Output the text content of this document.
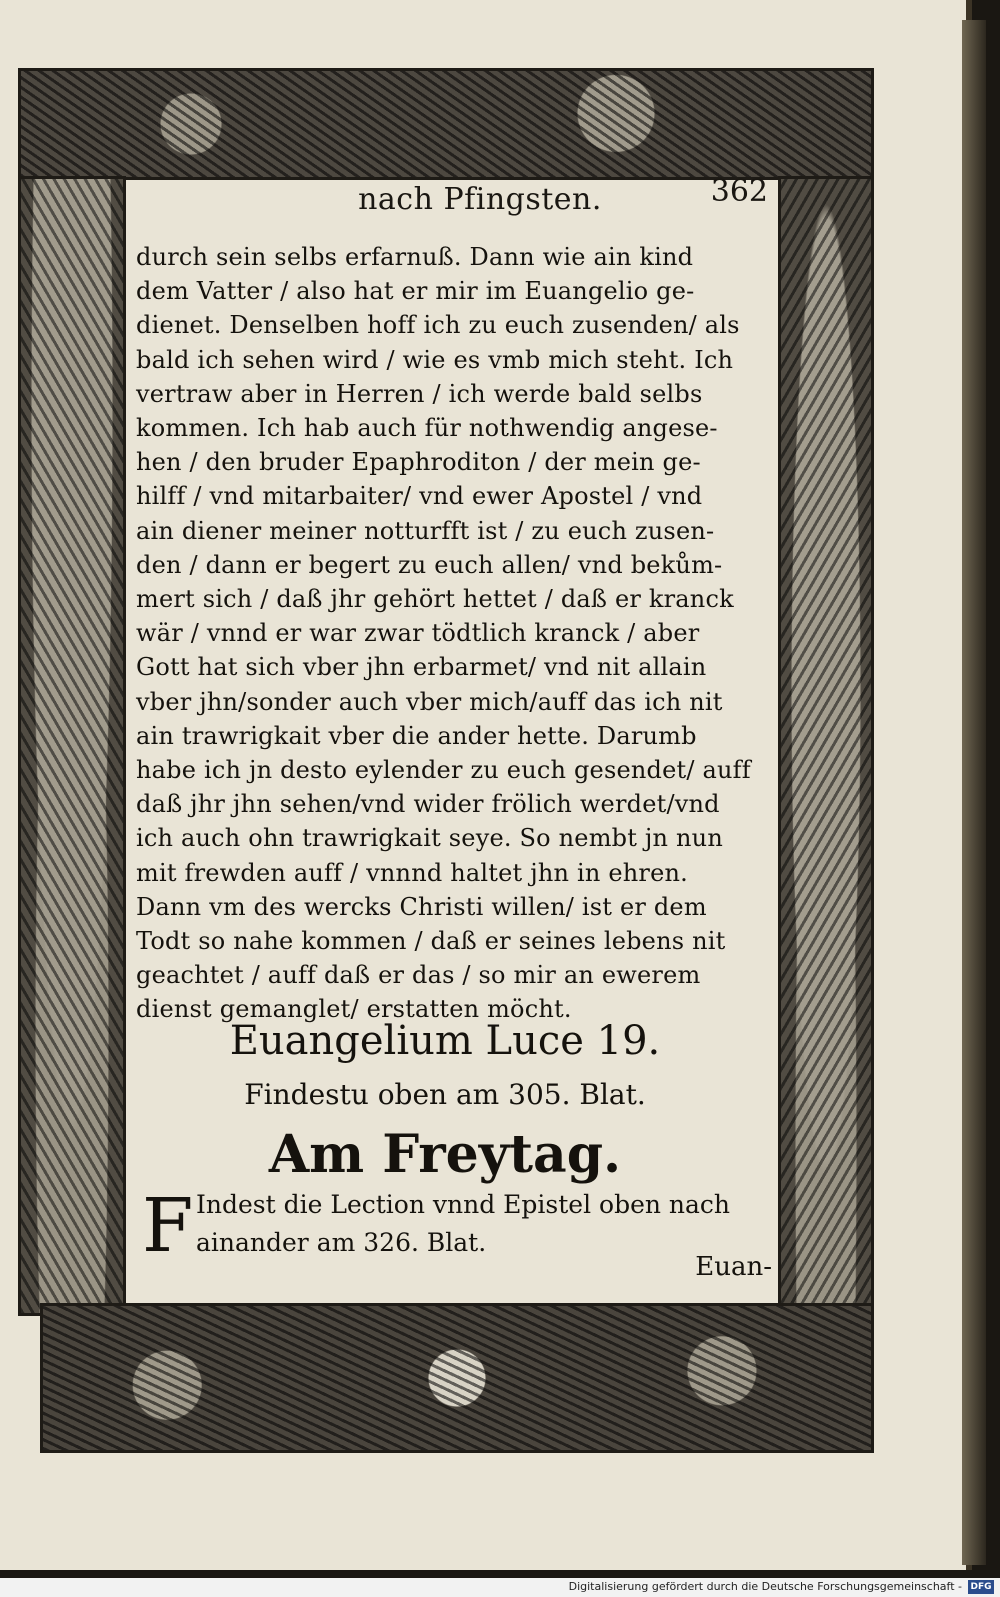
nach Pfingsten.	362
durch sein selbs erfarnuß. Dann wie ain kind
dem Vatter / also hat er mir im Euangelio ge-
dienet. Denselben hoff ich zu euch zusenden/ als
bald ich sehen wird / wie es vmb mich steht. Ich
vertraw aber in Herren / ich werde bald selbs
kommen. Ich hab auch für nothwendig angese-
hen / den bruder Epaphroditon / der mein ge-
hilff / vnd mitarbaiter/ vnd ewer Apostel / vnd
ain diener meiner notturfft ist / zu euch zusen-
den / dann er begert zu euch allen/ vnd bekům-
mert sich / daß jhr gehört hettet / daß er kranck
wär / vnnd er war zwar tödtlich kranck / aber
Gott hat sich vber jhn erbarmet/ vnd nit allain
vber jhn/sonder auch vber mich/auff das ich nit
ain trawrigkait vber die ander hette. Darumb
habe ich jn desto eylender zu euch gesendet/ auff
daß jhr jhn sehen/vnd wider frölich werdet/vnd
ich auch ohn trawrigkait seye. So nembt jn nun
mit frewden auff / vnnnd haltet jhn in ehren.
Dann vm des wercks Christi willen/ ist er dem
Todt so nahe kommen / daß er seines lebens nit
geachtet / auff daß er das / so mir an ewerem
dienst gemanglet/ erstatten möcht.
Euangelium Luce 19.
Findestu oben am 305. Blat.
Am Freytag.
F Indest die Lection vnnd Epistel oben nach
ainander am 326. Blat.
Euan-
Digitalisierung gefördert durch die Deutsche Forschungsgemeinschaft - DFG
